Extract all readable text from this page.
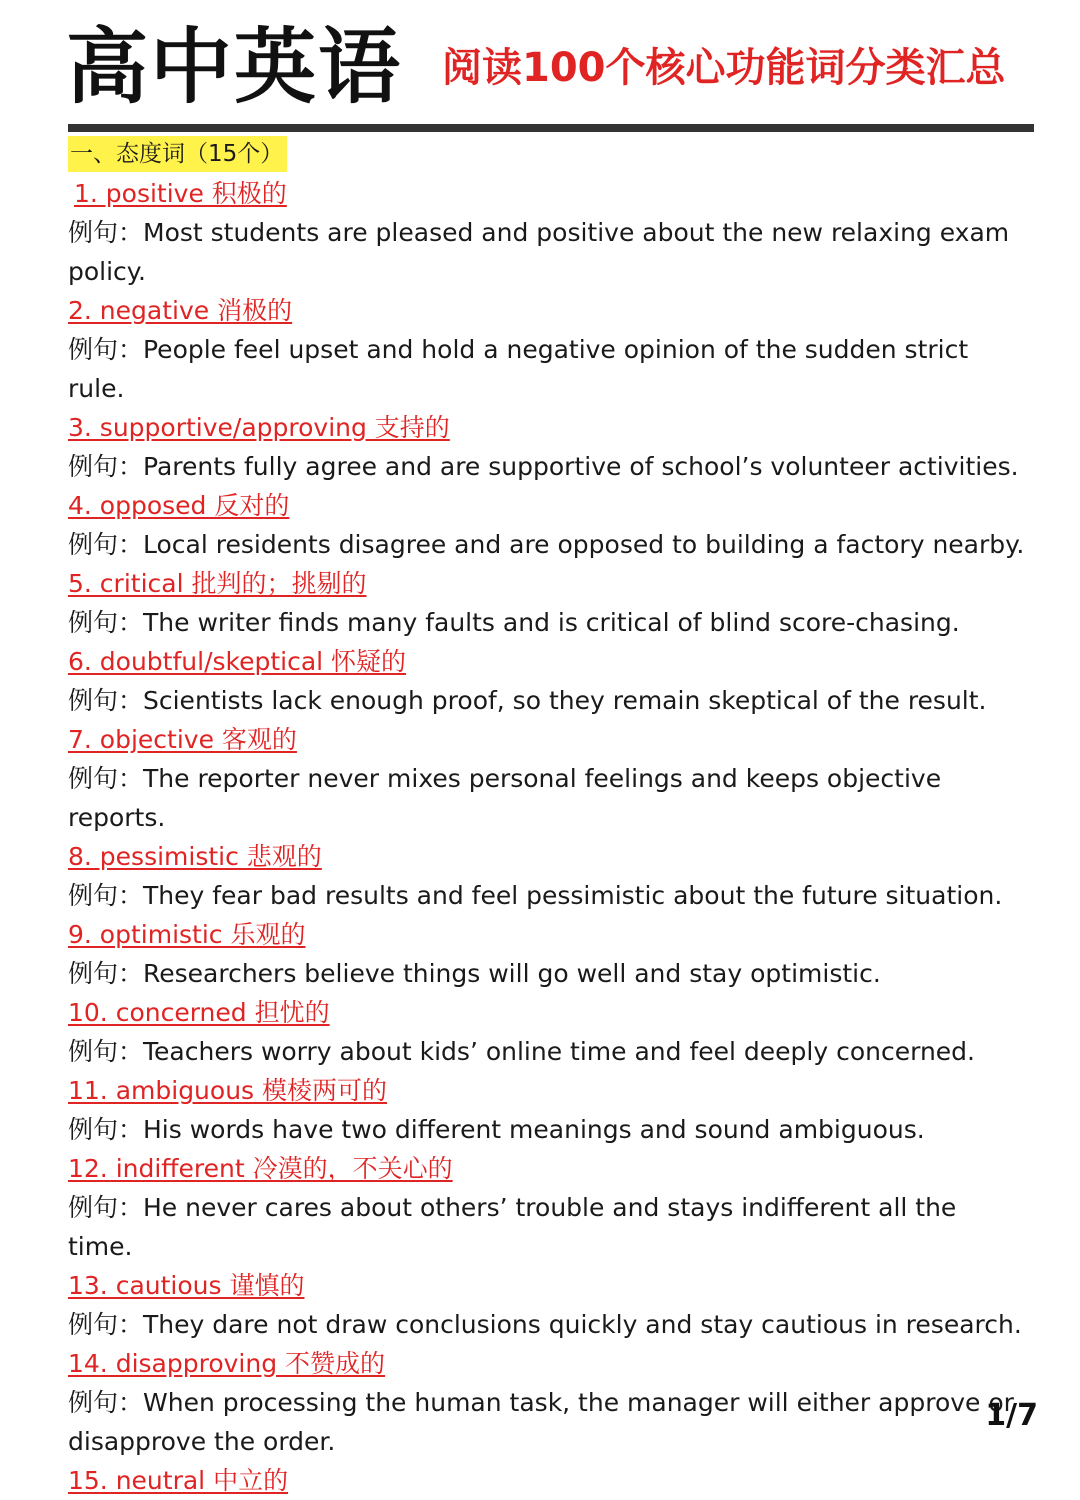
高中英语 阅读100个核心功能词分类汇总
一、态度词（15个）
1. positive 积极的
例句：Most students are pleased and positive about the new relaxing exam policy.
2. negative 消极的
例句：People feel upset and hold a negative opinion of the sudden strict rule.
3. supportive/approving 支持的
例句：Parents fully agree and are supportive of school’s volunteer activities.
4. opposed 反对的
例句：Local residents disagree and are opposed to building a factory nearby.
5. critical 批判的；挑剔的
例句：The writer finds many faults and is critical of blind score-chasing.
6. doubtful/skeptical 怀疑的
例句：Scientists lack enough proof, so they remain skeptical of the result.
7. objective 客观的
例句：The reporter never mixes personal feelings and keeps objective reports.
8. pessimistic 悲观的
例句：They fear bad results and feel pessimistic about the future situation.
9. optimistic 乐观的
例句：Researchers believe things will go well and stay optimistic.
10. concerned 担忧的
例句：Teachers worry about kids’ online time and feel deeply concerned.
11. ambiguous 模棱两可的
例句：His words have two different meanings and sound ambiguous.
12. indifferent 冷漠的，不关心的
例句：He never cares about others’ trouble and stays indifferent all the time.
13. cautious 谨慎的
例句：They dare not draw conclusions quickly and stay cautious in research.
14. disapproving 不赞成的
例句：When processing the human task, the manager will either approve or disapprove the order.
15. neutral 中立的
1/7
